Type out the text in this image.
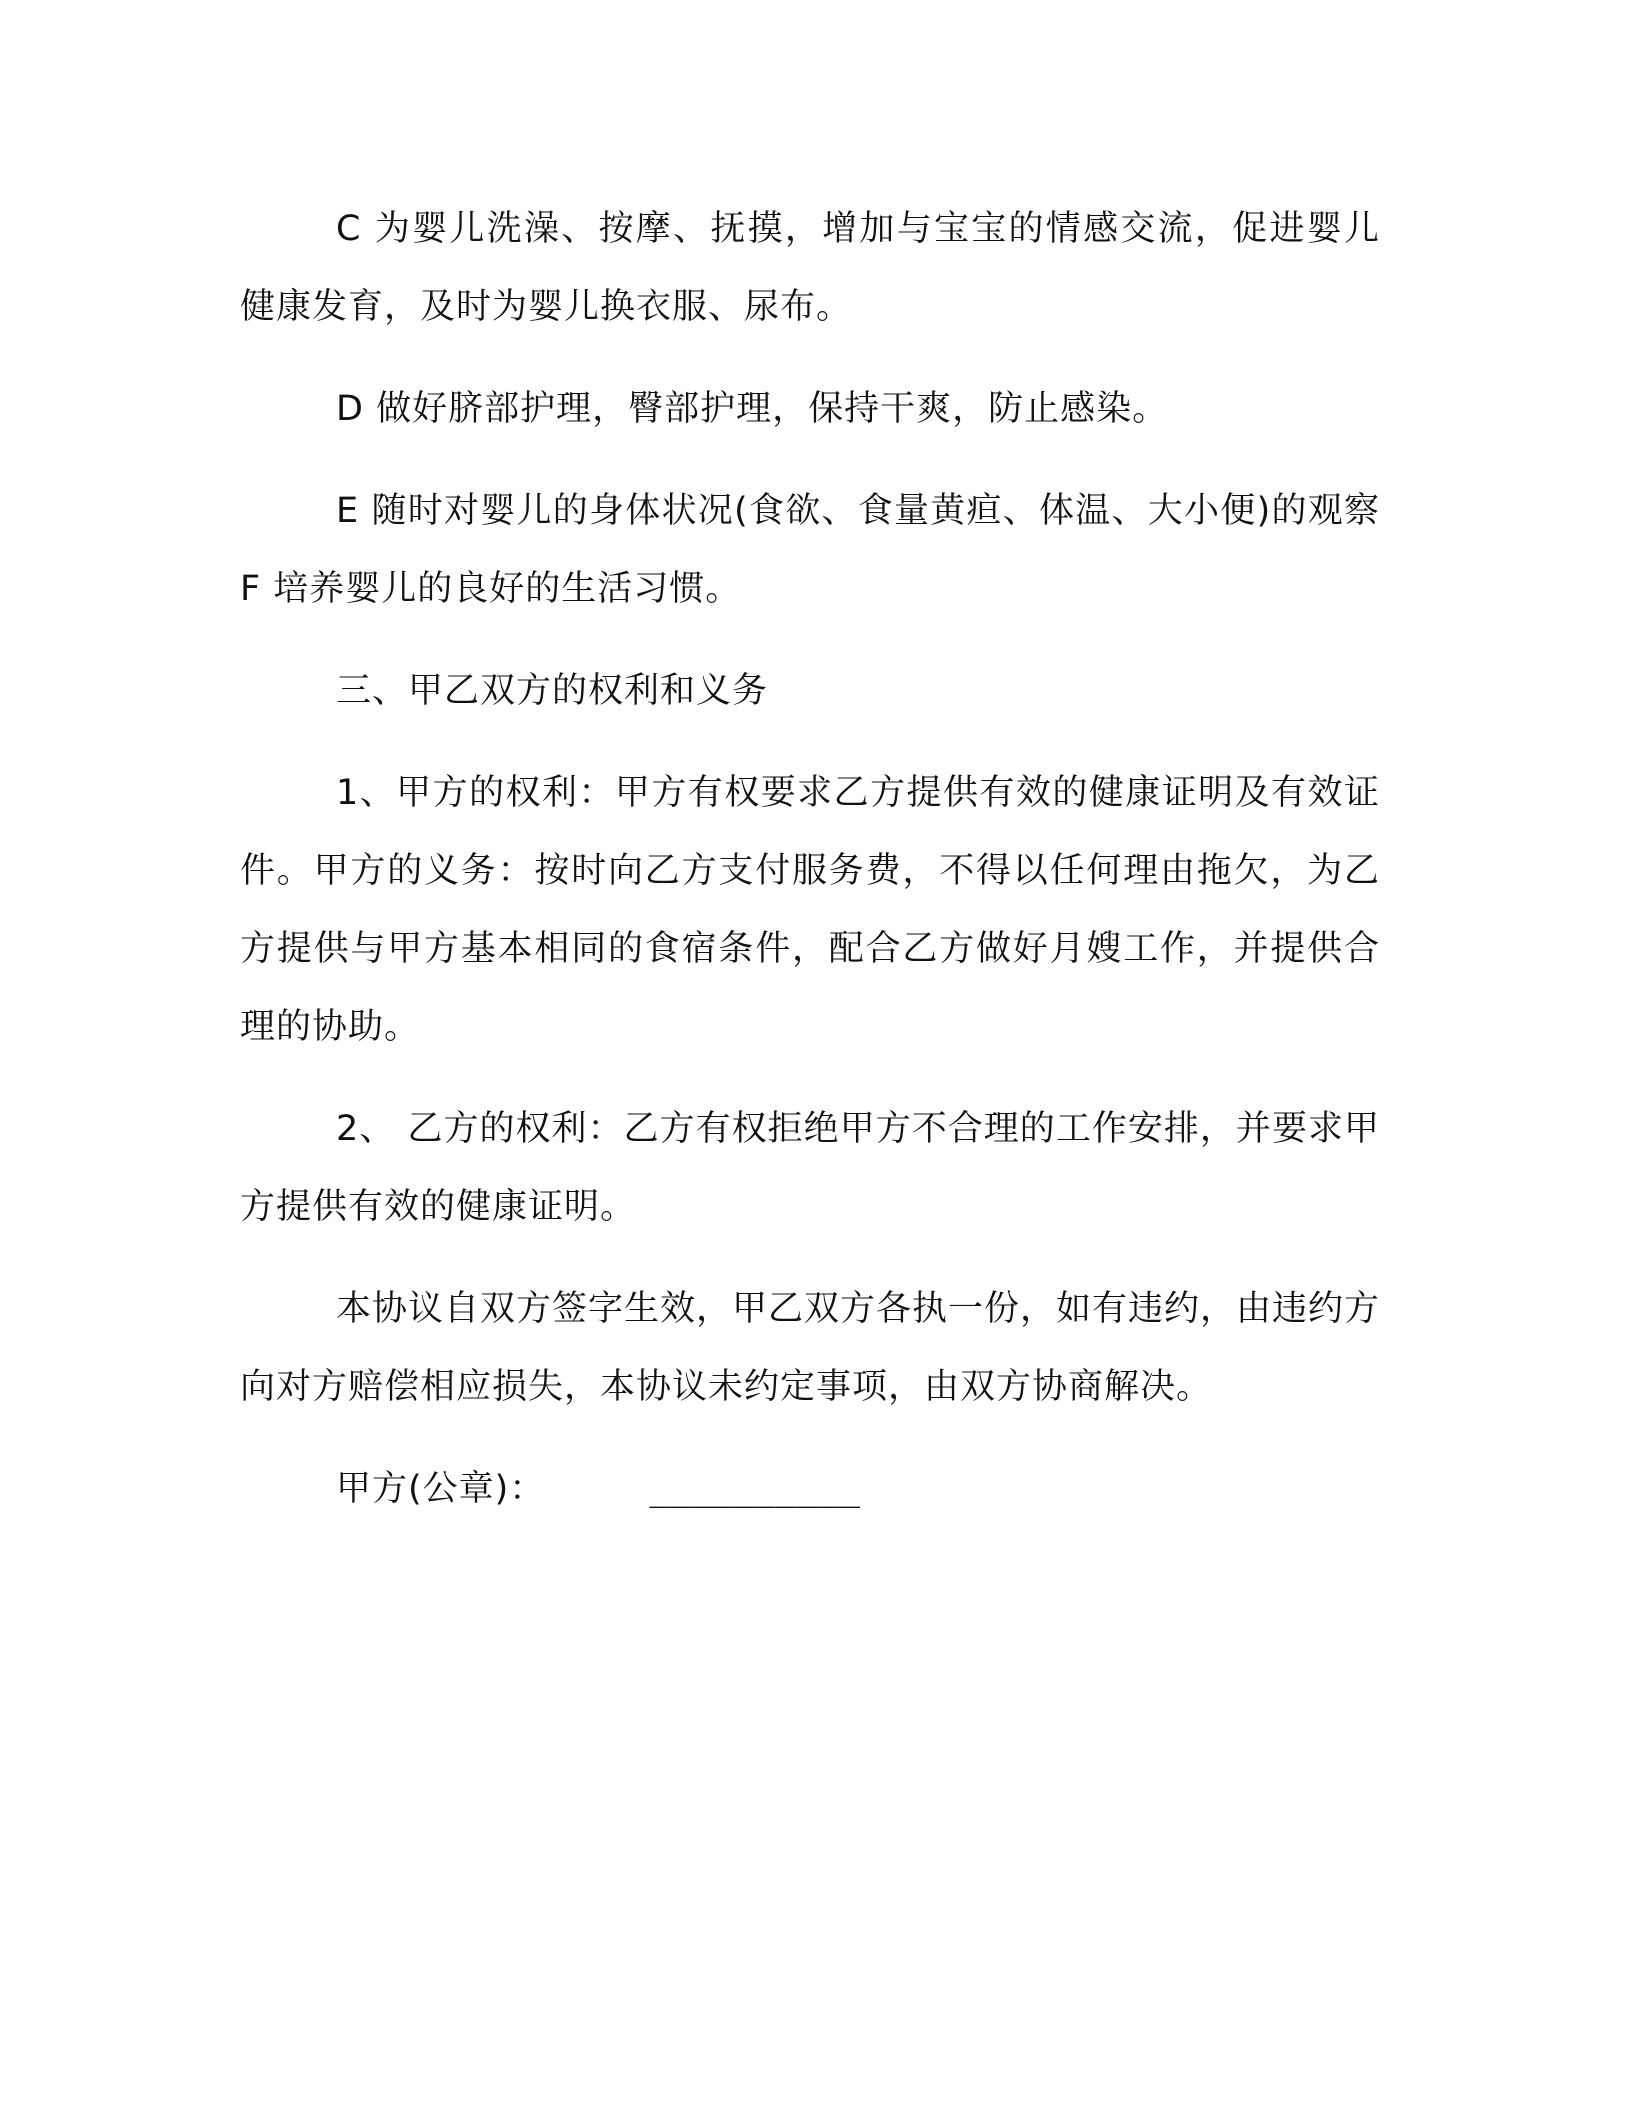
C 为婴儿洗澡、按摩、抚摸，增加与宝宝的情感交流，促进婴儿健康发育，及时为婴儿换衣服、尿布。

D 做好脐部护理，臀部护理，保持干爽，防止感染。

E 随时对婴儿的身体状况(食欲、食量黄疸、体温、大小便)的观察 F 培养婴儿的良好的生活习惯。

三、甲乙双方的权利和义务

1、甲方的权利：甲方有权要求乙方提供有效的健康证明及有效证件。甲方的义务：按时向乙方支付服务费，不得以任何理由拖欠，为乙方提供与甲方基本相同的食宿条件，配合乙方做好月嫂工作，并提供合理的协助。

2、 乙方的权利：乙方有权拒绝甲方不合理的工作安排，并要求甲方提供有效的健康证明。

本协议自双方签字生效，甲乙双方各执一份，如有违约，由违约方向对方赔偿相应损失，本协议未约定事项，由双方协商解决。

甲方(公章)：	__________
